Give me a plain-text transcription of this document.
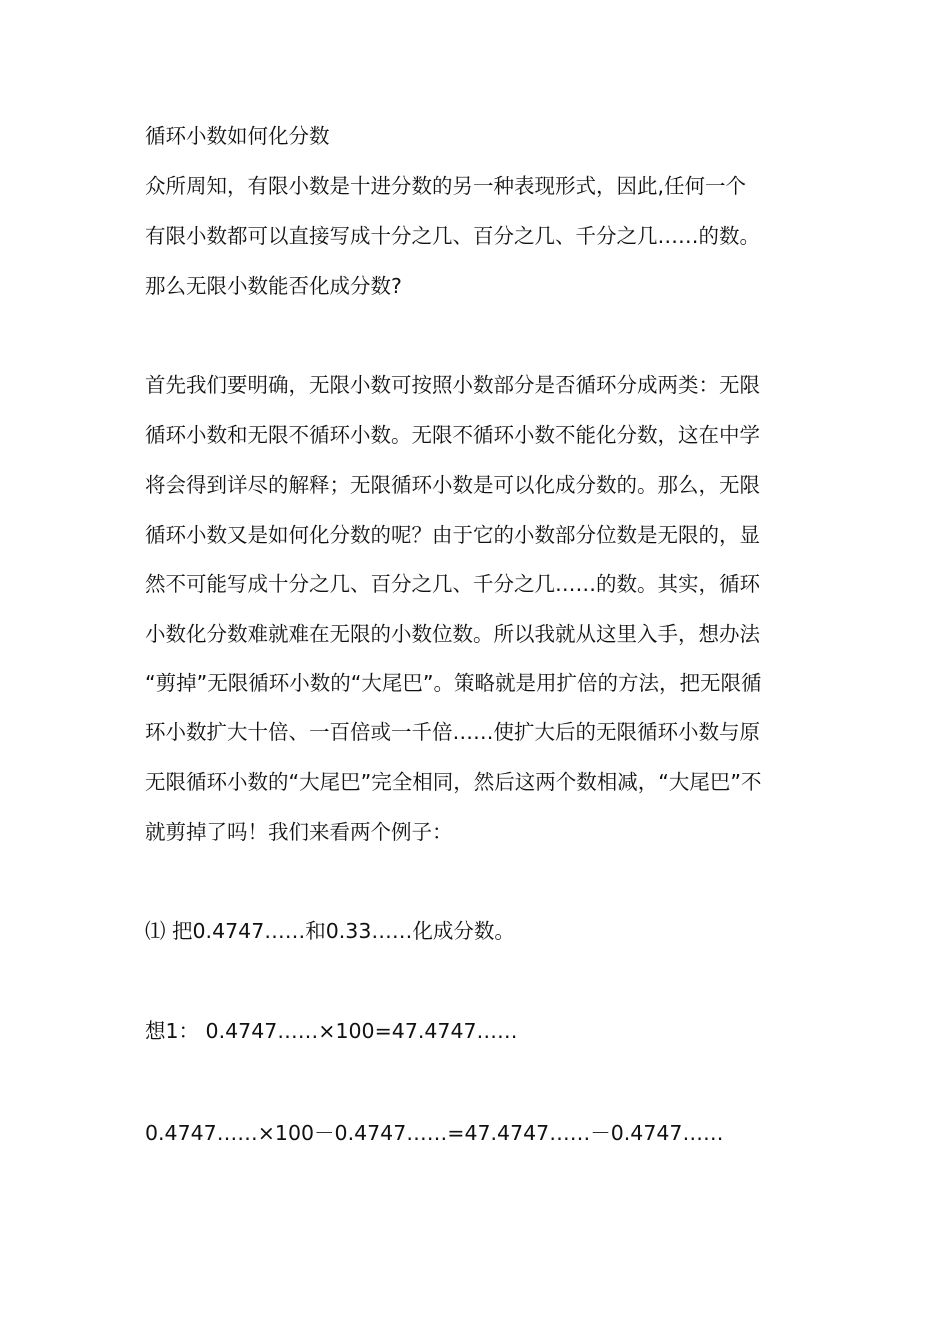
循环小数如何化分数
众所周知，有限小数是十进分数的另一种表现形式，因此,任何一个
有限小数都可以直接写成十分之几、百分之几、千分之几……的数。
那么无限小数能否化成分数?
首先我们要明确，无限小数可按照小数部分是否循环分成两类：无限
循环小数和无限不循环小数。无限不循环小数不能化分数，这在中学
将会得到详尽的解释；无限循环小数是可以化成分数的。那么，无限
循环小数又是如何化分数的呢？由于它的小数部分位数是无限的，显
然不可能写成十分之几、百分之几、千分之几……的数。其实，循环
小数化分数难就难在无限的小数位数。所以我就从这里入手，想办法
“剪掉”无限循环小数的“大尾巴”。策略就是用扩倍的方法，把无限循
环小数扩大十倍、一百倍或一千倍……使扩大后的无限循环小数与原
无限循环小数的“大尾巴”完全相同，然后这两个数相减，“大尾巴”不
就剪掉了吗！我们来看两个例子：
⑴ 把0.4747……和0.33……化成分数。
想1： 0.4747……×100=47.4747……
0.4747……×100－0.4747……=47.4747……－0.4747……
